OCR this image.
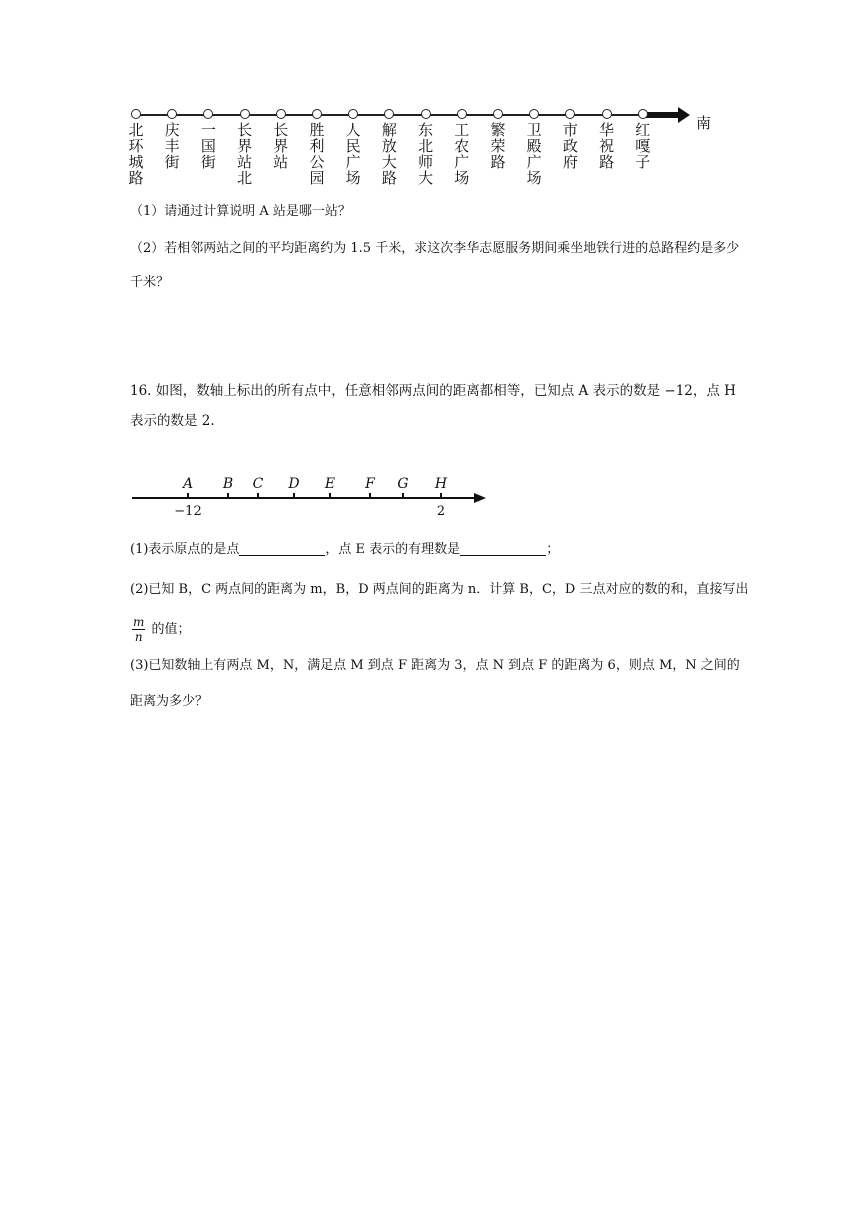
南
北环城路
庆丰街
一国街
长界站北
长界站
胜利公园
人民广场
解放大路
东北师大
工农广场
繁荣路
卫殿广场
市政府
华祝路
红嘎子
（1）请通过计算说明 A 站是哪一站？
（2）若相邻两站之间的平均距离约为 1.5 千米，求这次李华志愿服务期间乘坐地铁行进的总路程约是多少千米？
16. 如图，数轴上标出的所有点中，任意相邻两点间的距离都相等，已知点 A 表示的数是 −12，点 H 表示的数是 2.
A	B	C	D	E	F	G	H
−12	2
(1)表示原点的是点	，点 E 表示的有理数是	；
(2)已知 B，C 两点间的距离为 m，B，D 两点间的距离为 n．计算 B，C，D 三点对应的数的和，直接写出
$\frac{m}{n}$ 的值；
(3)已知数轴上有两点 M，N，满足点 M 到点 F 距离为 3，点 N 到点 F 的距离为 6，则点 M，N 之间的距离为多少？
